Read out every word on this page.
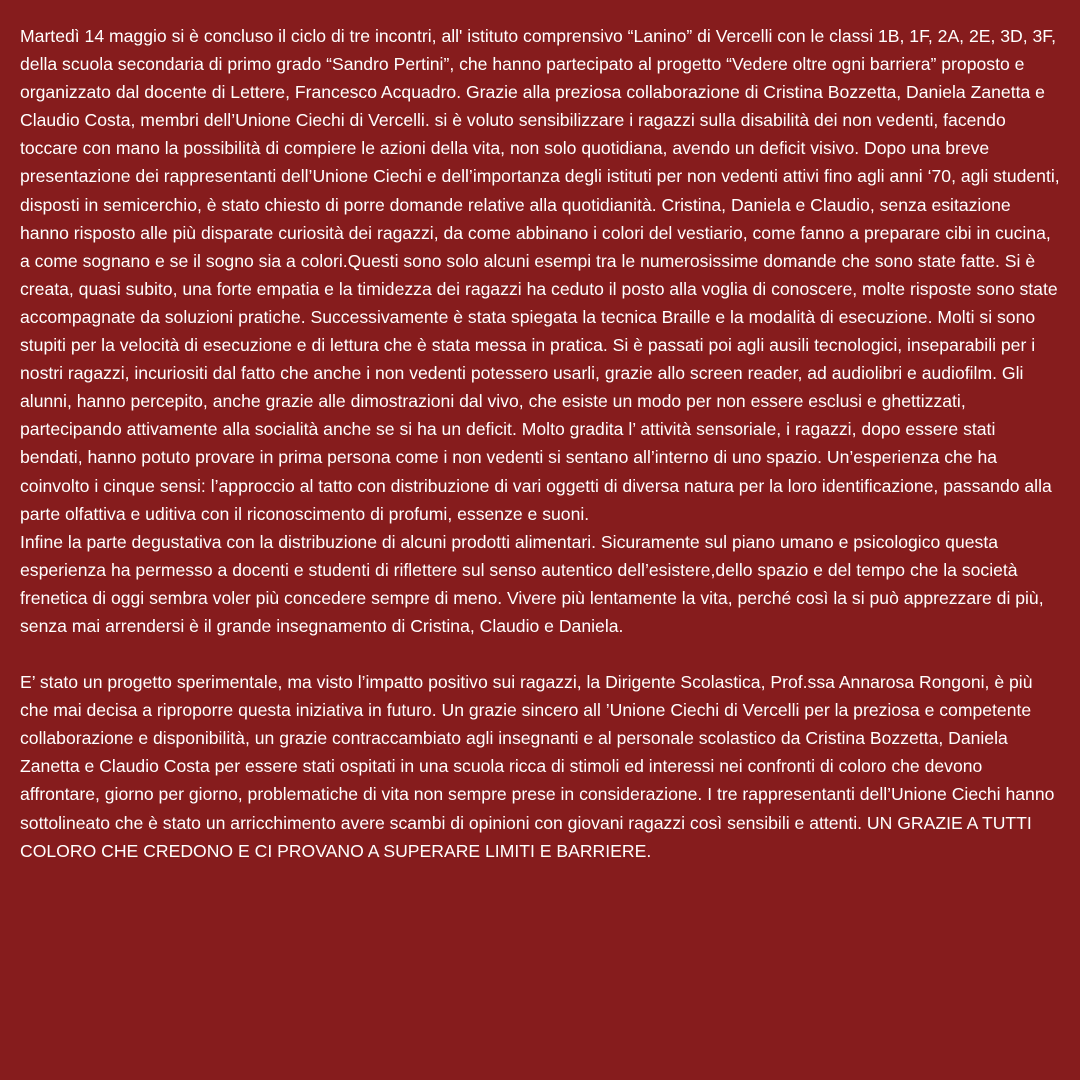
Martedì 14 maggio si è concluso il ciclo di tre incontri, all' istituto comprensivo “Lanino” di Vercelli con le classi 1B, 1F, 2A, 2E, 3D, 3F, della scuola secondaria di primo grado “Sandro Pertini”, che hanno partecipato al progetto “Vedere oltre ogni barriera” proposto e organizzato dal docente di Lettere, Francesco Acquadro. Grazie alla preziosa collaborazione di Cristina Bozzetta, Daniela Zanetta e Claudio Costa, membri dell’Unione Ciechi di Vercelli. si è voluto sensibilizzare i ragazzi sulla disabilità dei non vedenti, facendo toccare con mano la possibilità di compiere le azioni della vita, non solo quotidiana, avendo un deficit visivo. Dopo una breve presentazione dei rappresentanti dell’Unione Ciechi e dell’importanza degli istituti per non vedenti attivi fino agli anni ‘70, agli studenti, disposti in semicerchio, è stato chiesto di porre domande relative alla quotidianità. Cristina, Daniela e Claudio, senza esitazione hanno risposto alle più disparate curiosità dei ragazzi, da come abbinano i colori del vestiario, come fanno a preparare cibi in cucina, a come sognano e se il sogno sia a colori.Questi sono solo alcuni esempi tra le numerosissime domande che sono state fatte. Si è creata, quasi subito, una forte empatia e la timidezza dei ragazzi ha ceduto il posto alla voglia di conoscere, molte risposte sono state accompagnate da soluzioni pratiche. Successivamente è stata spiegata la tecnica Braille e la modalità di esecuzione. Molti si sono stupiti per la velocità di esecuzione e di lettura che è stata messa in pratica. Si è passati poi agli ausili tecnologici, inseparabili per i nostri ragazzi, incuriositi dal fatto che anche i non vedenti potessero usarli, grazie allo screen reader, ad audiolibri e audiofilm. Gli alunni, hanno percepito, anche grazie alle dimostrazioni dal vivo, che esiste un modo per non essere esclusi e ghettizzati, partecipando attivamente alla socialità anche se si ha un deficit. Molto gradita l’ attività sensoriale, i ragazzi, dopo essere stati bendati, hanno potuto provare in prima persona come i non vedenti si sentano all’interno di uno spazio. Un’esperienza che ha coinvolto i cinque sensi: l’approccio al tatto con distribuzione di vari oggetti di diversa natura per la loro identificazione, passando alla parte olfattiva e uditiva con il riconoscimento di profumi, essenze e suoni.
Infine la parte degustativa con la distribuzione di alcuni prodotti alimentari. Sicuramente sul piano umano e psicologico questa esperienza ha permesso a docenti e studenti di riflettere sul senso autentico dell’esistere,dello spazio e del tempo che la società frenetica di oggi sembra voler più concedere sempre di meno. Vivere più lentamente la vita, perché così la si può apprezzare di più, senza mai arrendersi è il grande insegnamento di Cristina, Claudio e Daniela.

E’ stato un progetto sperimentale, ma visto l’impatto positivo sui ragazzi, la Dirigente Scolastica, Prof.ssa Annarosa Rongoni, è più che mai decisa a riproporre questa iniziativa in futuro. Un grazie sincero all ’Unione Ciechi di Vercelli per la preziosa e competente collaborazione e disponibilità, un grazie contraccambiato agli insegnanti e al personale scolastico da Cristina Bozzetta, Daniela Zanetta e Claudio Costa per essere stati ospitati in una scuola ricca di stimoli ed interessi nei confronti di coloro che devono affrontare, giorno per giorno, problematiche di vita non sempre prese in considerazione. I tre rappresentanti dell’Unione Ciechi hanno sottolineato che è stato un arricchimento avere scambi di opinioni con giovani ragazzi così sensibili e attenti. UN GRAZIE A TUTTI COLORO CHE CREDONO E CI PROVANO A SUPERARE LIMITI E BARRIERE.
